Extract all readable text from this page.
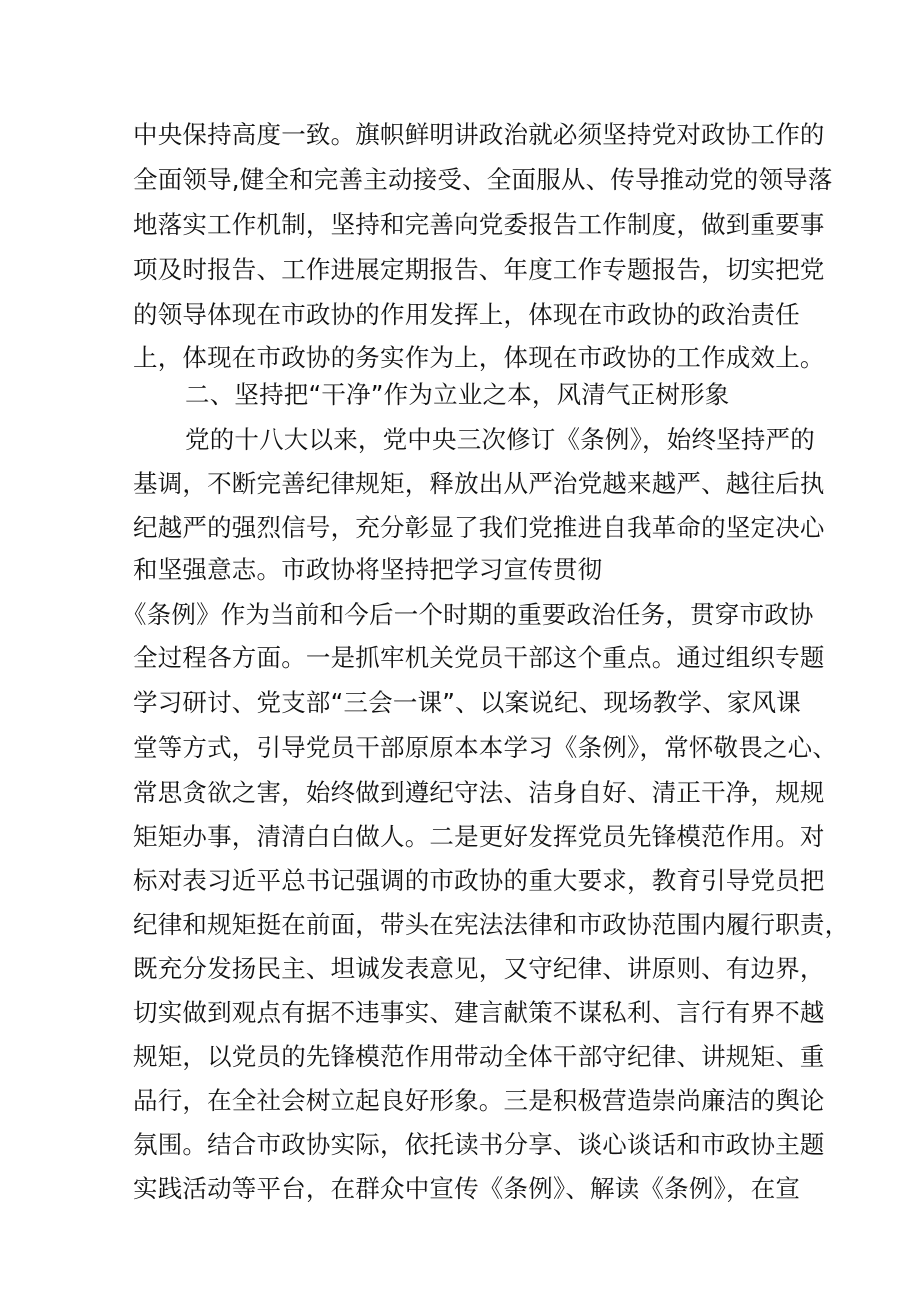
中央保持高度一致。旗帜鲜明讲政治就必须坚持党对政协工作的
全面领导,健全和完善主动接受、全面服从、传导推动党的领导落
地落实工作机制，坚持和完善向党委报告工作制度，做到重要事
项及时报告、工作进展定期报告、年度工作专题报告，切实把党
的领导体现在市政协的作用发挥上，体现在市政协的政治责任
上，体现在市政协的务实作为上，体现在市政协的工作成效上。
二、坚持把“干净”作为立业之本，风清气正树形象
党的十八大以来，党中央三次修订《条例》，始终坚持严的
基调，不断完善纪律规矩，释放出从严治党越来越严、越往后执
纪越严的强烈信号，充分彰显了我们党推进自我革命的坚定决心
和坚强意志。市政协将坚持把学习宣传贯彻
《条例》作为当前和今后一个时期的重要政治任务，贯穿市政协
全过程各方面。一是抓牢机关党员干部这个重点。通过组织专题
学习研讨、党支部“三会一课”、以案说纪、现场教学、家风课
堂等方式，引导党员干部原原本本学习《条例》，常怀敬畏之心、
常思贪欲之害，始终做到遵纪守法、洁身自好、清正干净，规规
矩矩办事，清清白白做人。二是更好发挥党员先锋模范作用。对
标对表习近平总书记强调的市政协的重大要求，教育引导党员把
纪律和规矩挺在前面，带头在宪法法律和市政协范围内履行职责，
既充分发扬民主、坦诚发表意见，又守纪律、讲原则、有边界，
切实做到观点有据不违事实、建言献策不谋私利、言行有界不越
规矩，以党员的先锋模范作用带动全体干部守纪律、讲规矩、重
品行，在全社会树立起良好形象。三是积极营造崇尚廉洁的舆论
氛围。结合市政协实际，依托读书分享、谈心谈话和市政协主题
实践活动等平台，在群众中宣传《条例》、解读《条例》，在宣
